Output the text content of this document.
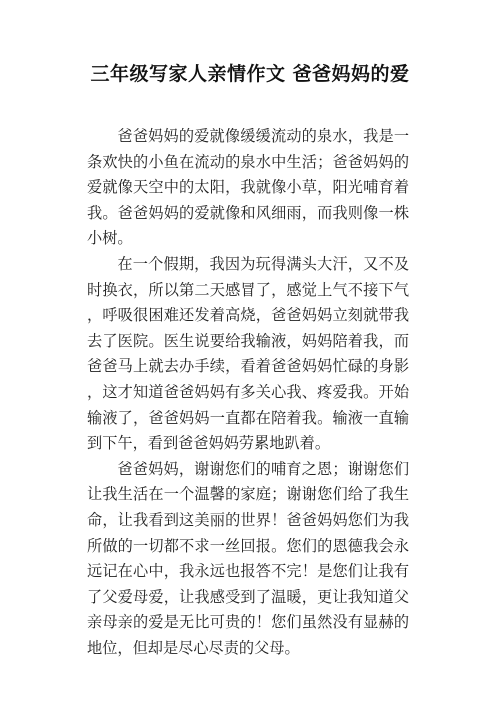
三年级写家人亲情作文 爸爸妈妈的爱

爸爸妈妈的爱就像缓缓流动的泉水，我是一条欢快的小鱼在流动的泉水中生活；爸爸妈妈的爱就像天空中的太阳，我就像小草，阳光哺育着我。爸爸妈妈的爱就像和风细雨，而我则像一株小树。

在一个假期，我因为玩得满头大汗，又不及时换衣，所以第二天感冒了，感觉上气不接下气，呼吸很困难还发着高烧，爸爸妈妈立刻就带我去了医院。医生说要给我输液，妈妈陪着我，而爸爸马上就去办手续，看着爸爸妈妈忙碌的身影，这才知道爸爸妈妈有多关心我、疼爱我。开始输液了，爸爸妈妈一直都在陪着我。输液一直输到下午，看到爸爸妈妈劳累地趴着。

爸爸妈妈，谢谢您们的哺育之恩；谢谢您们让我生活在一个温馨的家庭；谢谢您们给了我生命，让我看到这美丽的世界！爸爸妈妈您们为我所做的一切都不求一丝回报。您们的恩德我会永远记在心中，我永远也报答不完！是您们让我有了父爱母爱，让我感受到了温暖，更让我知道父亲母亲的爱是无比可贵的！您们虽然没有显赫的地位，但却是尽心尽责的父母。
